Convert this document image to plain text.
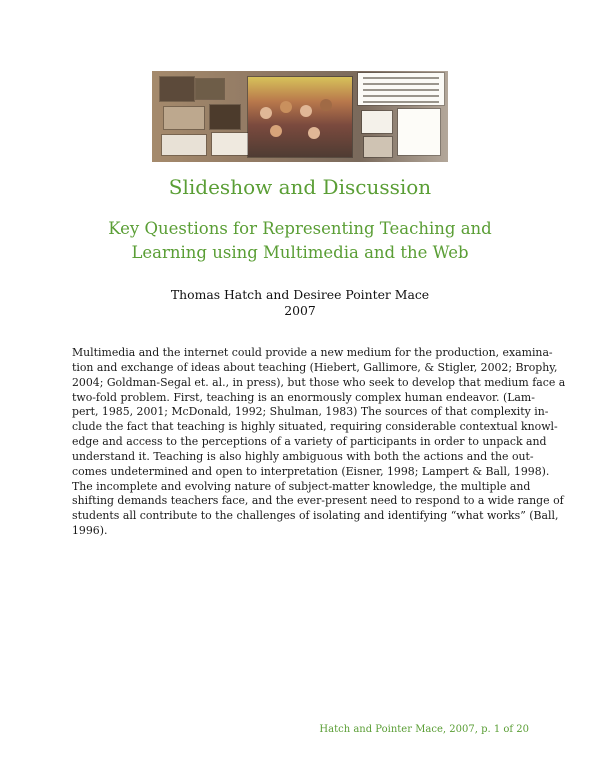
Slideshow and Discussion
Key Questions for Representing Teaching and
Learning using Multimedia and the Web
Thomas Hatch and Desiree Pointer Mace
2007
Multimedia and the internet could provide a new medium for the production, examina-
tion and exchange of ideas about teaching (Hiebert, Gallimore, & Stigler, 2002; Brophy,
2004; Goldman-Segal et. al., in press), but those who seek to develop that medium face a
two-fold problem. First, teaching is an enormously complex human endeavor. (Lam-
pert, 1985, 2001; McDonald, 1992; Shulman, 1983) The sources of that complexity in-
clude the fact that teaching is highly situated, requiring considerable contextual knowl-
edge and access to the perceptions of a variety of participants in order to unpack and
understand it. Teaching is also highly ambiguous with both the actions and the out-
comes undetermined and open to interpretation (Eisner, 1998; Lampert & Ball, 1998).
The incomplete and evolving nature of subject-matter knowledge, the multiple and
shifting demands teachers face, and the ever-present need to respond to a wide range of
students all contribute to the challenges of isolating and identifying “what works” (Ball,
1996).
Hatch and Pointer Mace, 2007, p. 1 of 20
